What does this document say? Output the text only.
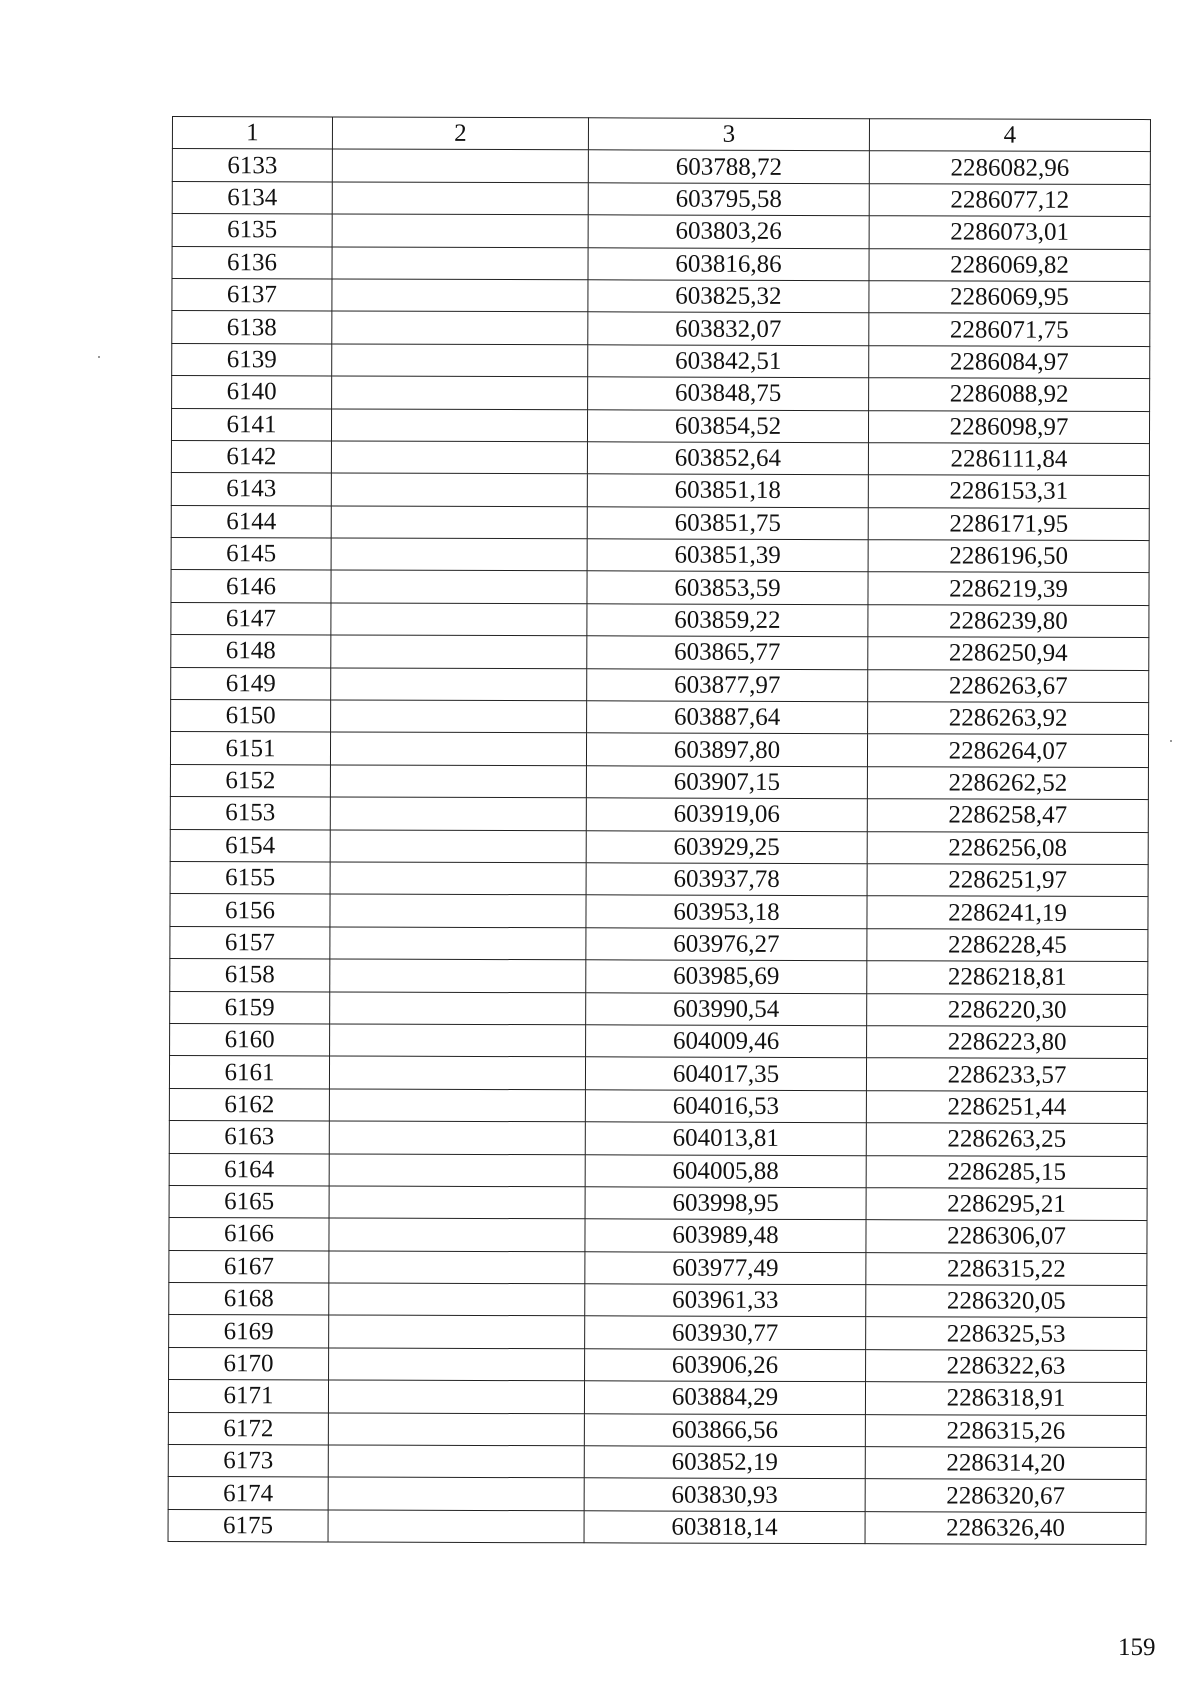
1	2	3	4
6133		603788,72	2286082,96
6134		603795,58	2286077,12
6135		603803,26	2286073,01
6136		603816,86	2286069,82
6137		603825,32	2286069,95
6138		603832,07	2286071,75
6139		603842,51	2286084,97
6140		603848,75	2286088,92
6141		603854,52	2286098,97
6142		603852,64	2286111,84
6143		603851,18	2286153,31
6144		603851,75	2286171,95
6145		603851,39	2286196,50
6146		603853,59	2286219,39
6147		603859,22	2286239,80
6148		603865,77	2286250,94
6149		603877,97	2286263,67
6150		603887,64	2286263,92
6151		603897,80	2286264,07
6152		603907,15	2286262,52
6153		603919,06	2286258,47
6154		603929,25	2286256,08
6155		603937,78	2286251,97
6156		603953,18	2286241,19
6157		603976,27	2286228,45
6158		603985,69	2286218,81
6159		603990,54	2286220,30
6160		604009,46	2286223,80
6161		604017,35	2286233,57
6162		604016,53	2286251,44
6163		604013,81	2286263,25
6164		604005,88	2286285,15
6165		603998,95	2286295,21
6166		603989,48	2286306,07
6167		603977,49	2286315,22
6168		603961,33	2286320,05
6169		603930,77	2286325,53
6170		603906,26	2286322,63
6171		603884,29	2286318,91
6172		603866,56	2286315,26
6173		603852,19	2286314,20
6174		603830,93	2286320,67
6175		603818,14	2286326,40
159
